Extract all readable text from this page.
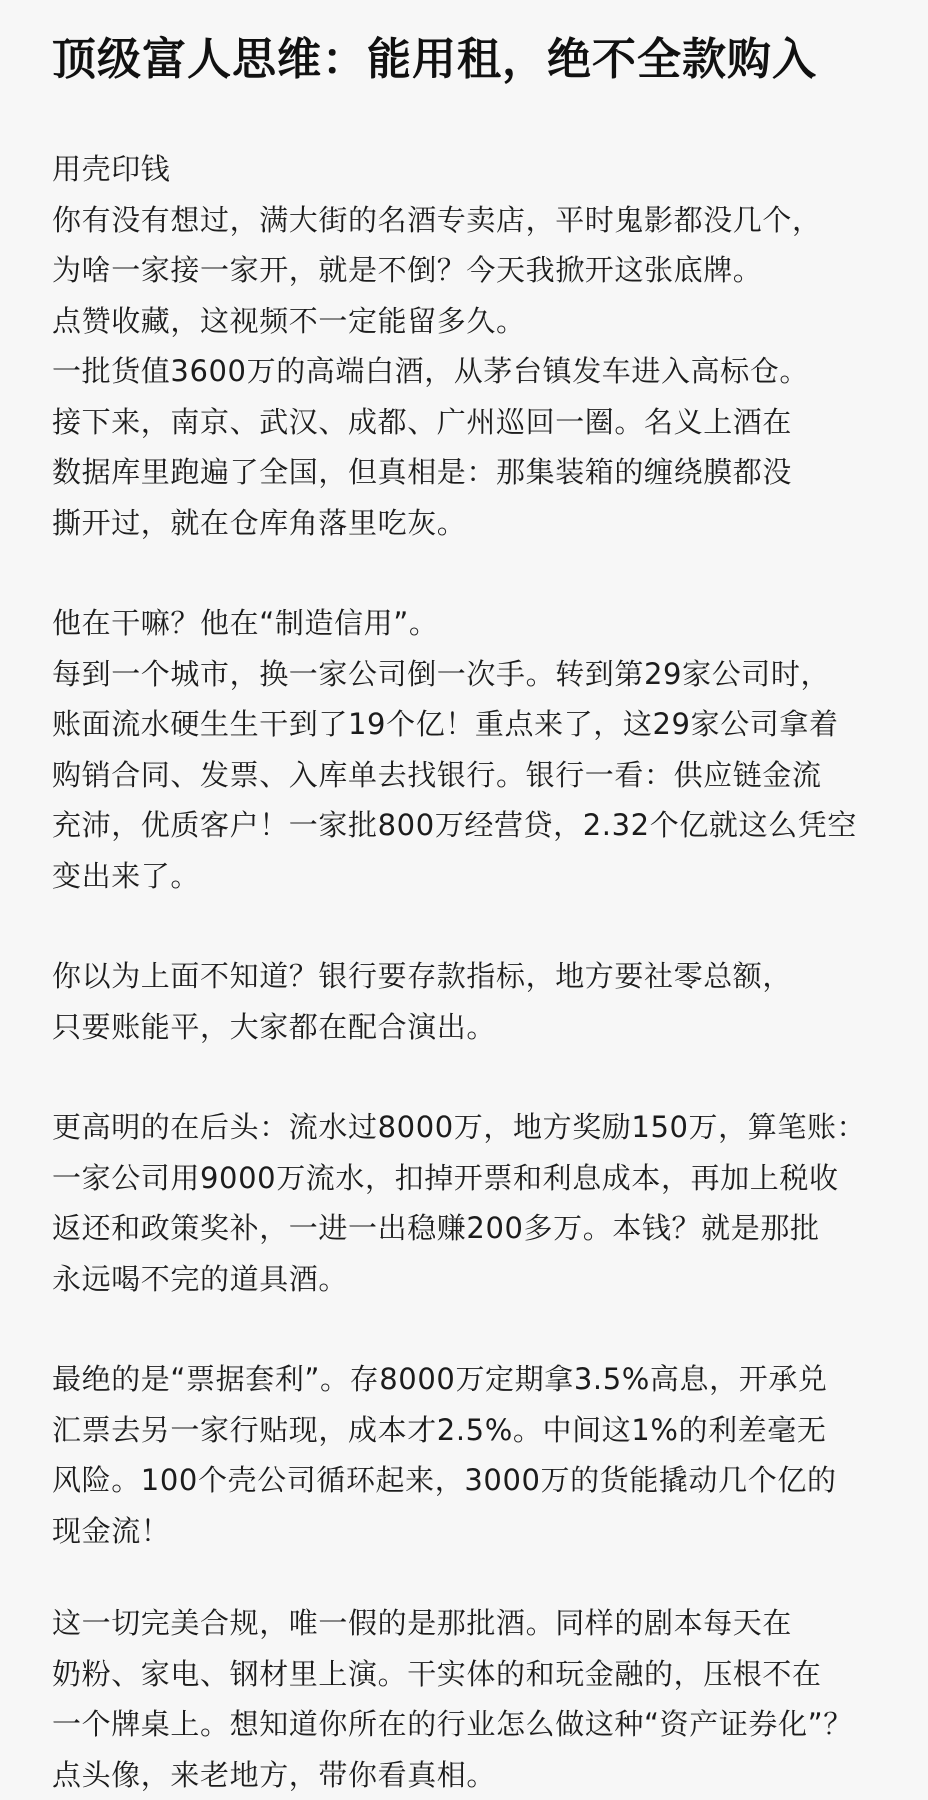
顶级富人思维：能用租，绝不全款购入
用壳印钱
你有没有想过，满大街的名酒专卖店，平时鬼影都没几个，
为啥一家接一家开，就是不倒？今天我掀开这张底牌。
点赞收藏，这视频不一定能留多久。
一批货值3600万的高端白酒，从茅台镇发车进入高标仓。
接下来，南京、武汉、成都、广州巡回一圈。名义上酒在
数据库里跑遍了全国，但真相是：那集装箱的缠绕膜都没
撕开过，就在仓库角落里吃灰。
他在干嘛？他在“制造信用”。
每到一个城市，换一家公司倒一次手。转到第29家公司时，
账面流水硬生生干到了19个亿！重点来了，这29家公司拿着
购销合同、发票、入库单去找银行。银行一看：供应链金流
充沛，优质客户！一家批800万经营贷，2.32个亿就这么凭空
变出来了。
你以为上面不知道？银行要存款指标，地方要社零总额，
只要账能平，大家都在配合演出。
更高明的在后头：流水过8000万，地方奖励150万，算笔账：
一家公司用9000万流水，扣掉开票和利息成本，再加上税收
返还和政策奖补，一进一出稳赚200多万。本钱？就是那批
永远喝不完的道具酒。
最绝的是“票据套利”。存8000万定期拿3.5%高息，开承兑
汇票去另一家行贴现，成本才2.5%。中间这1%的利差毫无
风险。100个壳公司循环起来，3000万的货能撬动几个亿的
现金流！
这一切完美合规，唯一假的是那批酒。同样的剧本每天在
奶粉、家电、钢材里上演。干实体的和玩金融的，压根不在
一个牌桌上。想知道你所在的行业怎么做这种“资产证券化”？
点头像，来老地方，带你看真相。
